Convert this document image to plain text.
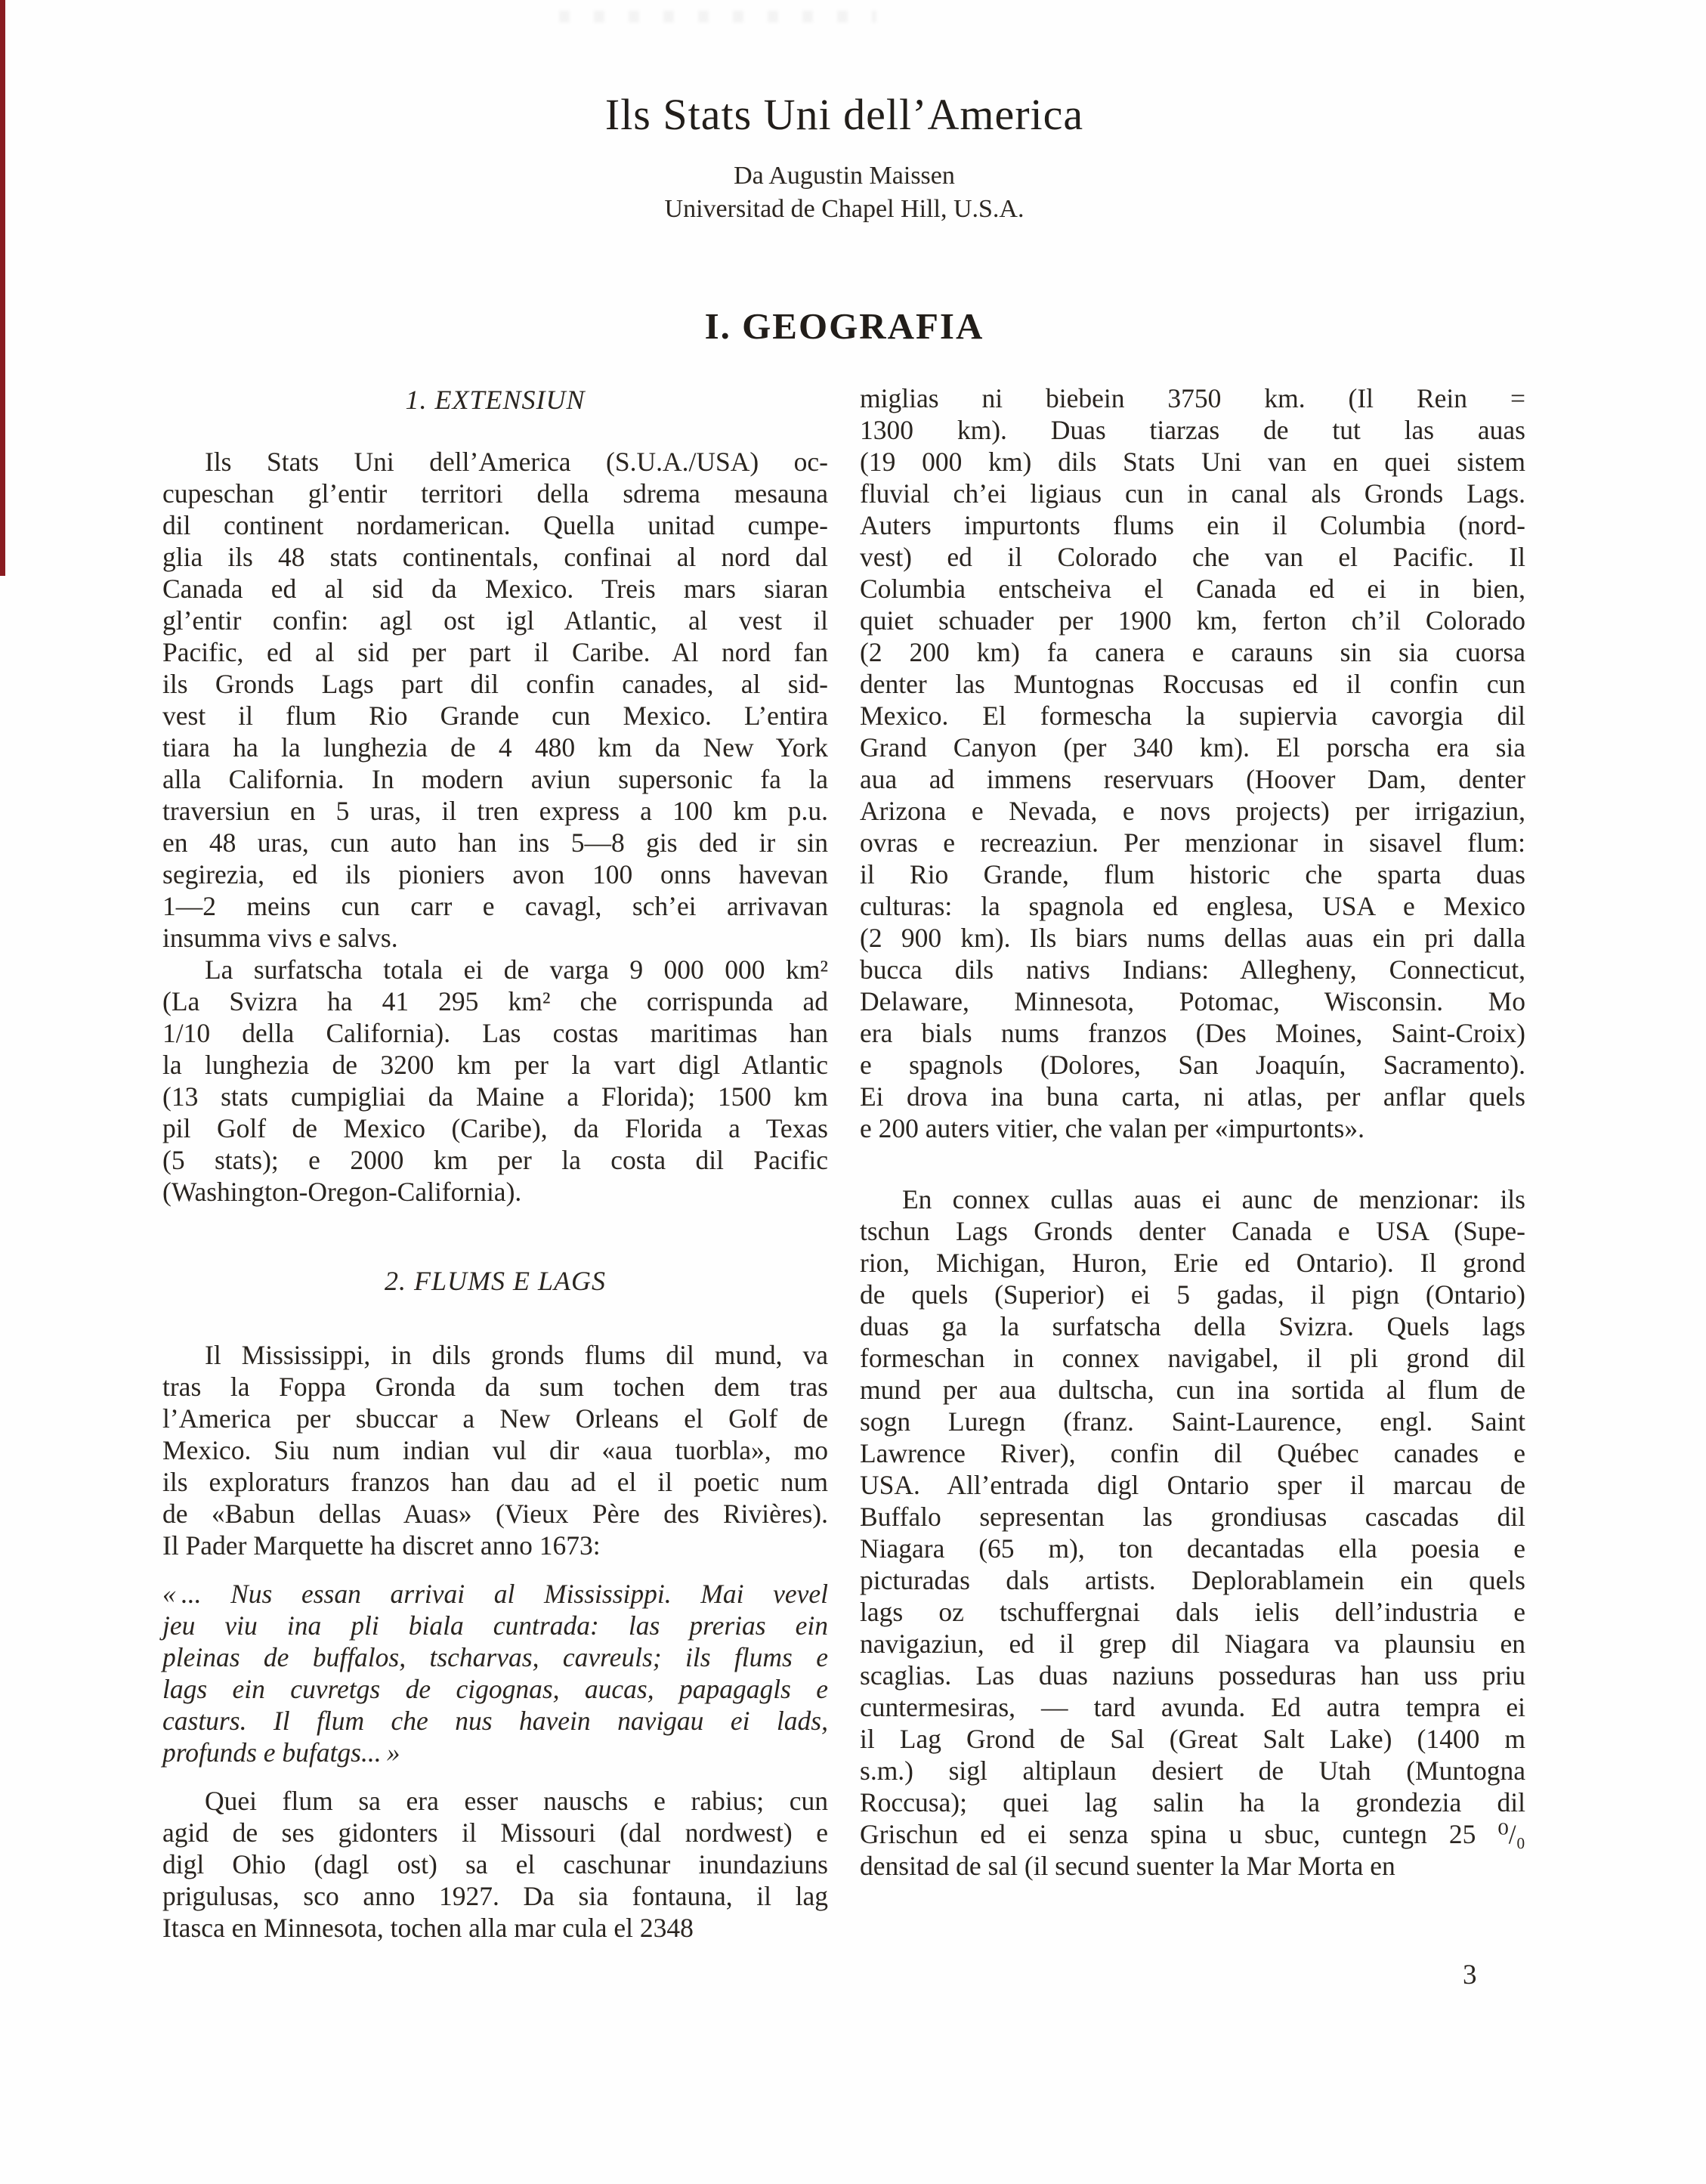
Ils Stats Uni dell’America
Da Augustin Maissen
Universitad de Chapel Hill, U.S.A.
I. GEOGRAFIA
1. EXTENSIUN
Ils Stats Uni dell’America (S.U.A./USA) oc-
cupeschan gl’entir territori della sdrema mesauna
dil continent nordamerican. Quella unitad cumpe-
glia ils 48 stats continentals, confinai al nord dal
Canada ed al sid da Mexico. Treis mars siaran
gl’entir confin: agl ost igl Atlantic, al vest il
Pacific, ed al sid per part il Caribe. Al nord fan
ils Gronds Lags part dil confin canades, al sid-
vest il flum Rio Grande cun Mexico. L’entira
tiara ha la lunghezia de 4 480 km da New York
alla California. In modern aviun supersonic fa la
traversiun en 5 uras, il tren express a 100 km p.u.
en 48 uras, cun auto han ins 5—8 gis ded ir sin
segirezia, ed ils pioniers avon 100 onns havevan
1—2 meins cun carr e cavagl, sch’ei arrivavan
insumma vivs e salvs.
La surfatscha totala ei de varga 9 000 000 km²
(La Svizra ha 41 295 km² che corrispunda ad
1/10 della California). Las costas maritimas han
la lunghezia de 3200 km per la vart digl Atlantic
(13 stats cumpigliai da Maine a Florida); 1500 km
pil Golf de Mexico (Caribe), da Florida a Texas
(5 stats); e 2000 km per la costa dil Pacific
(Washington-Oregon-California).
2. FLUMS E LAGS
Il Mississippi, in dils gronds flums dil mund, va
tras la Foppa Gronda da sum tochen dem tras
l’America per sbuccar a New Orleans el Golf de
Mexico. Siu num indian vul dir «aua tuorbla», mo
ils exploraturs franzos han dau ad el il poetic num
de «Babun dellas Auas» (Vieux Père des Rivières).
Il Pader Marquette ha discret anno 1673:
« ... Nus essan arrivai al Mississippi. Mai vevel
jeu viu ina pli biala cuntrada: las prerias ein
pleinas de buffalos, tscharvas, cavreuls; ils flums e
lags ein cuvretgs de cigognas, aucas, papagagls e
casturs. Il flum che nus havein navigau ei lads,
profunds e bufatgs... »
Quei flum sa era esser nauschs e rabius; cun
agid de ses gidonters il Missouri (dal nordwest) e
digl Ohio (dagl ost) sa el caschunar inundaziuns
prigulusas, sco anno 1927. Da sia fontauna, il lag
Itasca en Minnesota, tochen alla mar cula el 2348
miglias ni biebein 3750 km. (Il Rein =
1300 km). Duas tiarzas de tut las auas
(19 000 km) dils Stats Uni van en quei sistem
fluvial ch’ei ligiaus cun in canal als Gronds Lags.
Auters impurtonts flums ein il Columbia (nord-
vest) ed il Colorado che van el Pacific. Il
Columbia entscheiva el Canada ed ei in bien,
quiet schuader per 1900 km, ferton ch’il Colorado
(2 200 km) fa canera e carauns sin sia cuorsa
denter las Muntognas Roccusas ed il confin cun
Mexico. El formescha la supiervia cavorgia dil
Grand Canyon (per 340 km). El porscha era sia
aua ad immens reservuars (Hoover Dam, denter
Arizona e Nevada, e novs projects) per irrigaziun,
ovras e recreaziun. Per menzionar in sisavel flum:
il Rio Grande, flum historic che sparta duas
culturas: la spagnola ed englesa, USA e Mexico
(2 900 km). Ils biars nums dellas auas ein pri dalla
bucca dils nativs Indians: Allegheny, Connecticut,
Delaware, Minnesota, Potomac, Wisconsin. Mo
era bials nums franzos (Des Moines, Saint-Croix)
e spagnols (Dolores, San Joaquín, Sacramento).
Ei drova ina buna carta, ni atlas, per anflar quels
e 200 auters vitier, che valan per «impurtonts».
En connex cullas auas ei aunc de menzionar: ils
tschun Lags Gronds denter Canada e USA (Supe-
rion, Michigan, Huron, Erie ed Ontario). Il grond
de quels (Superior) ei 5 gadas, il pign (Ontario)
duas ga la surfatscha della Svizra. Quels lags
formeschan in connex navigabel, il pli grond dil
mund per aua dultscha, cun ina sortida al flum de
sogn Luregn (franz. Saint-Laurence, engl. Saint
Lawrence River), confin dil Québec canades e
USA. All’entrada digl Ontario sper il marcau de
Buffalo sepresentan las grondiusas cascadas dil
Niagara (65 m), ton decantadas ella poesia e
picturadas dals artists. Deplorablamein ein quels
lags oz tschuffergnai dals ielis dell’industria e
navigaziun, ed il grep dil Niagara va plaunsiu en
scaglias. Las duas naziuns posseduras han uss priu
cuntermesiras, — tard avunda. Ed autra tempra ei
il Lag Grond de Sal (Great Salt Lake) (1400 m
s.m.) sigl altiplaun desiert de Utah (Muntogna
Roccusa); quei lag salin ha la grondezia dil
Grischun ed ei senza spina u sbuc, cuntegn 25 ⁰/₀
densitad de sal (il secund suenter la Mar Morta en
3
